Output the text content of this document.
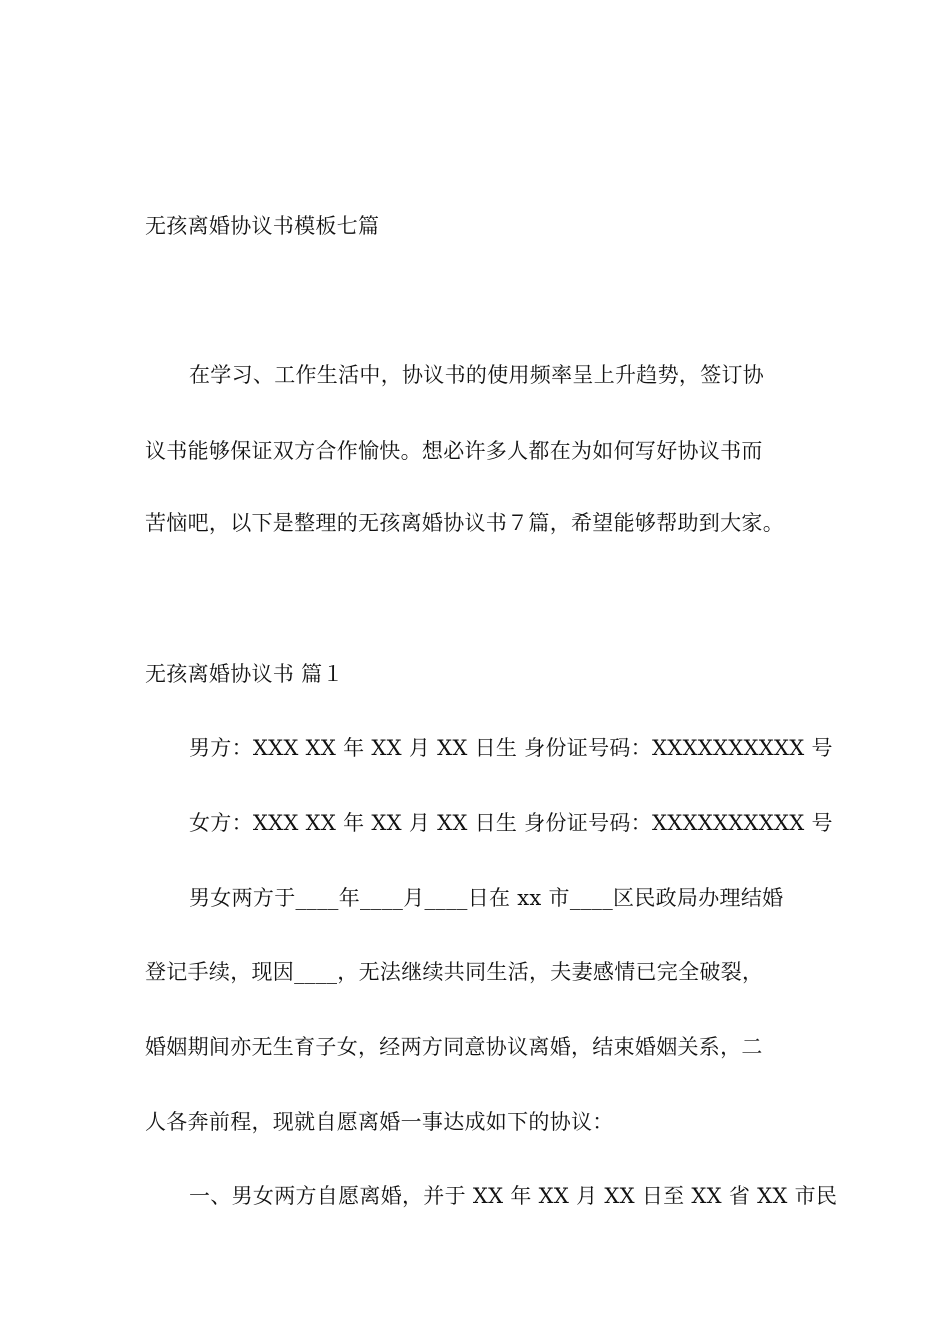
无孩离婚协议书模板七篇
在学习、工作生活中，协议书的使用频率呈上升趋势，签订协
议书能够保证双方合作愉快。想必许多人都在为如何写好协议书而
苦恼吧，以下是整理的无孩离婚协议书７篇，希望能够帮助到大家。
无孩离婚协议书 篇１
男方：XXX XX 年 XX 月 XX 日生 身份证号码：XXXXXXXXXX 号
女方：XXX XX 年 XX 月 XX 日生 身份证号码：XXXXXXXXXX 号
男女两方于____年____月____日在 xx 市____区民政局办理结婚
登记手续，现因____，无法继续共同生活，夫妻感情已完全破裂，
婚姻期间亦无生育子女，经两方同意协议离婚，结束婚姻关系，二
人各奔前程，现就自愿离婚一事达成如下的协议：
一、男女两方自愿离婚，并于 XX 年 XX 月 XX 日至 XX 省 XX 市民
